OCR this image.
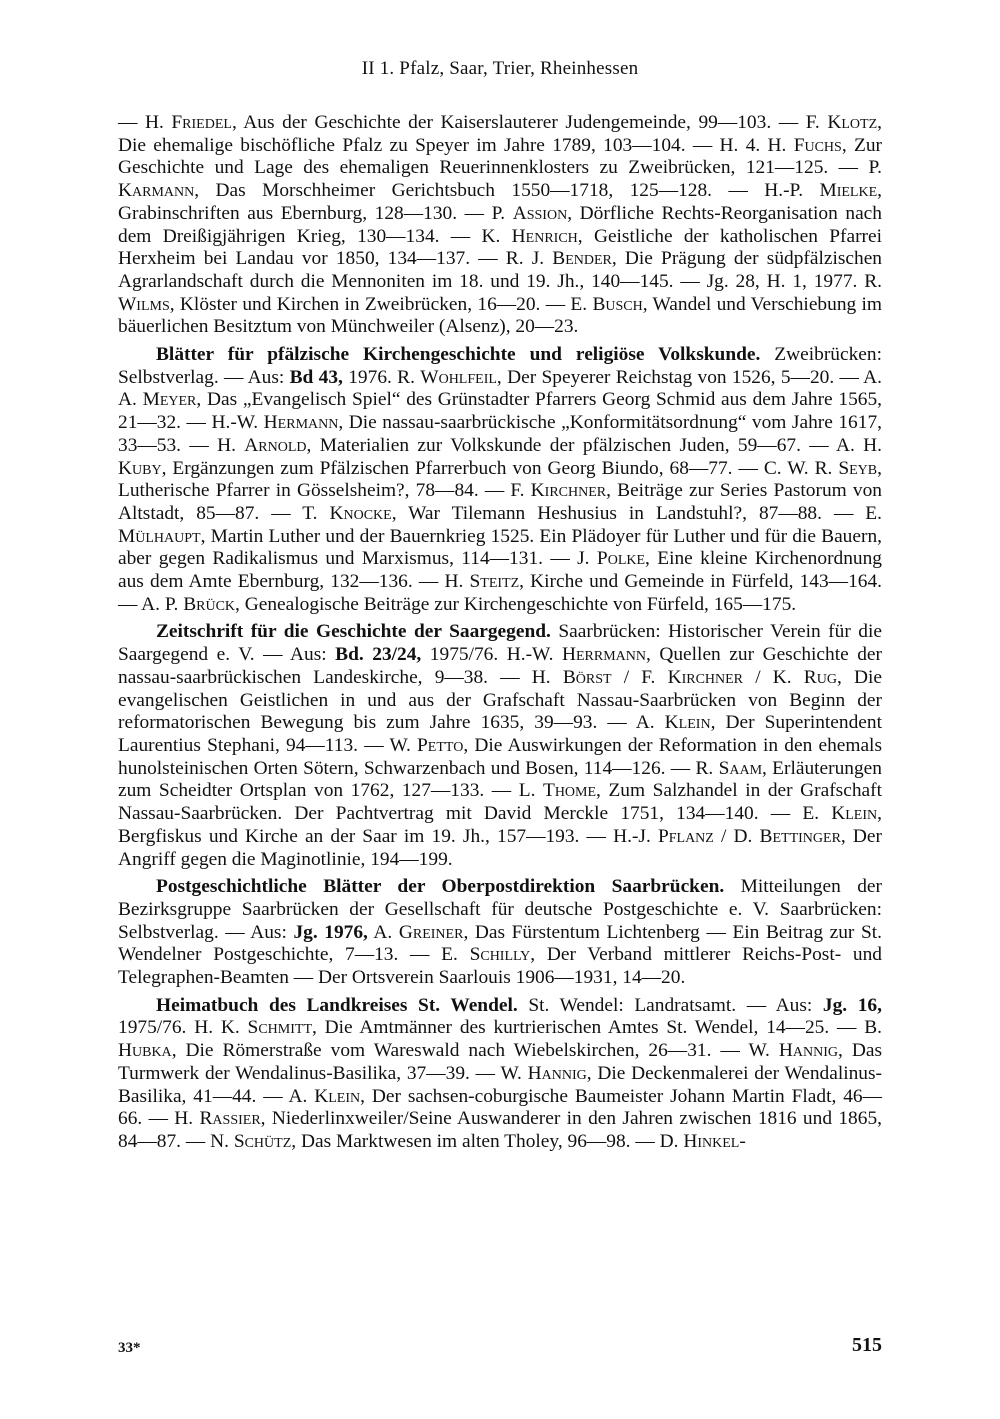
II 1. Pfalz, Saar, Trier, Rheinhessen

— H. Friedel, Aus der Geschichte der Kaiserslauterer Judengemeinde, 99—103. — F. Klotz, Die ehemalige bischöfliche Pfalz zu Speyer im Jahre 1789, 103—104. — H. 4. H. Fuchs, Zur Geschichte und Lage des ehemaligen Reuerinnenklosters zu Zweibrücken, 121—125. — P. Karmann, Das Morschheimer Gerichtsbuch 1550—1718, 125—128. — H.-P. Mielke, Grabinschriften aus Ebernburg, 128—130. — P. Assion, Dörfliche Rechts-Reorganisation nach dem Dreißigjährigen Krieg, 130—134. — K. Henrich, Geistliche der katholischen Pfarrei Herxheim bei Landau vor 1850, 134—137. — R. J. Bender, Die Prägung der südpfälzischen Agrarlandschaft durch die Mennoniten im 18. und 19. Jh., 140—145. — Jg. 28, H. 1, 1977. R. Wilms, Klöster und Kirchen in Zweibrücken, 16—20. — E. Busch, Wandel und Verschiebung im bäuerlichen Besitztum von Münchweiler (Alsenz), 20—23.

Blätter für pfälzische Kirchengeschichte und religiöse Volkskunde. Zweibrücken: Selbstverlag. — Aus: Bd 43, 1976. R. Wohlfeil, Der Speyerer Reichstag von 1526, 5—20. — A. A. Meyer, Das „Evangelisch Spiel“ des Grünstadter Pfarrers Georg Schmid aus dem Jahre 1565, 21—32. — H.-W. Hermann, Die nassau-saarbrückische „Konformitätsordnung“ vom Jahre 1617, 33—53. — H. Arnold, Materialien zur Volkskunde der pfälzischen Juden, 59—67. — A. H. Kuby, Ergänzungen zum Pfälzischen Pfarrerbuch von Georg Biundo, 68—77. — C. W. R. Seyb, Lutherische Pfarrer in Gösselsheim?, 78—84. — F. Kirchner, Beiträge zur Series Pastorum von Altstadt, 85—87. — T. Knocke, War Tilemann Heshusius in Landstuhl?, 87—88. — E. Mülhaupt, Martin Luther und der Bauernkrieg 1525. Ein Plädoyer für Luther und für die Bauern, aber gegen Radikalismus und Marxismus, 114—131. — J. Polke, Eine kleine Kirchenordnung aus dem Amte Ebernburg, 132—136. — H. Steitz, Kirche und Gemeinde in Fürfeld, 143—164. — A. P. Brück, Genealogische Beiträge zur Kirchengeschichte von Fürfeld, 165—175.

Zeitschrift für die Geschichte der Saargegend. Saarbrücken: Historischer Verein für die Saargegend e. V. — Aus: Bd. 23/24, 1975/76. H.-W. Herrmann, Quellen zur Geschichte der nassau-saarbrückischen Landeskirche, 9—38. — H. Börst / F. Kirchner / K. Rug, Die evangelischen Geistlichen in und aus der Grafschaft Nassau-Saarbrücken von Beginn der reformatorischen Bewegung bis zum Jahre 1635, 39—93. — A. Klein, Der Superintendent Laurentius Stephani, 94—113. — W. Petto, Die Auswirkungen der Reformation in den ehemals hunolsteinischen Orten Sötern, Schwarzenbach und Bosen, 114—126. — R. Saam, Erläuterungen zum Scheidter Ortsplan von 1762, 127—133. — L. Thome, Zum Salzhandel in der Grafschaft Nassau-Saarbrücken. Der Pachtvertrag mit David Merckle 1751, 134—140. — E. Klein, Bergfiskus und Kirche an der Saar im 19. Jh., 157—193. — H.-J. Pflanz / D. Bettinger, Der Angriff gegen die Maginotlinie, 194—199.

Postgeschichtliche Blätter der Oberpostdirektion Saarbrücken. Mitteilungen der Bezirksgruppe Saarbrücken der Gesellschaft für deutsche Postgeschichte e. V. Saarbrücken: Selbstverlag. — Aus: Jg. 1976, A. Greiner, Das Fürstentum Lichtenberg — Ein Beitrag zur St. Wendelner Postgeschichte, 7—13. — E. Schilly, Der Verband mittlerer Reichs-Post- und Telegraphen-Beamten — Der Ortsverein Saarlouis 1906—1931, 14—20.

Heimatbuch des Landkreises St. Wendel. St. Wendel: Landratsamt. — Aus: Jg. 16, 1975/76. H. K. Schmitt, Die Amtmänner des kurtrierischen Amtes St. Wendel, 14—25. — B. Hubka, Die Römerstraße vom Wareswald nach Wiebelskirchen, 26—31. — W. Hannig, Das Turmwerk der Wendalinus-Basilika, 37—39. — W. Hannig, Die Deckenmalerei der Wendalinus-Basilika, 41—44. — A. Klein, Der sachsen-coburgische Baumeister Johann Martin Fladt, 46—66. — H. Rassier, Niederlinxweiler/Seine Auswanderer in den Jahren zwischen 1816 und 1865, 84—87. — N. Schütz, Das Marktwesen im alten Tholey, 96—98. — D. Hinkel-

33*	515
